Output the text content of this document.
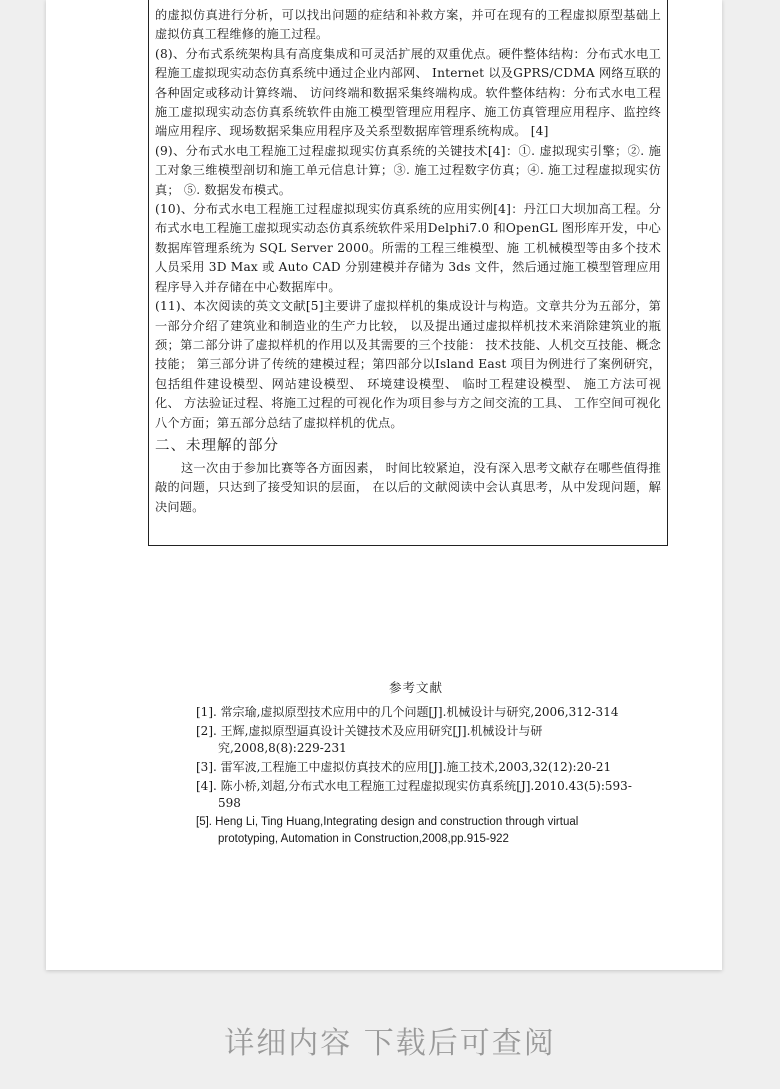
的虚拟仿真进行分析，可以找出问题的症结和补救方案，并可在现有的工程虚拟原型基础上虚拟仿真工程维修的施工过程。

(8)、分布式系统架构具有高度集成和可灵活扩展的双重优点。硬件整体结构：分布式水电工程施工虚拟现实动态仿真系统中通过企业内部网、 Internet 以及GPRS/CDMA 网络互联的各种固定或移动计算终端、 访问终端和数据采集终端构成。软件整体结构：分布式水电工程施工虚拟现实动态仿真系统软件由施工模型管理应用程序、施工仿真管理应用程序、监控终端应用程序、现场数据采集应用程序及关系型数据库管理系统构成。 [4]

(9)、分布式水电工程施工过程虚拟现实仿真系统的关键技术[4]：①. 虚拟现实引擎；②. 施工对象三维模型剖切和施工单元信息计算；③. 施工过程数字仿真；④. 施工过程虚拟现实仿真； ⑤. 数据发布模式。

(10)、分布式水电工程施工过程虚拟现实仿真系统的应用实例[4]：丹江口大坝加高工程。分布式水电工程施工虚拟现实动态仿真系统软件采用Delphi7.0 和OpenGL 图形库开发，中心数据库管理系统为 SQL Server 2000。所需的工程三维模型、施 工机械模型等由多个技术人员采用 3D Max 或 Auto CAD 分别建模并存储为 3ds 文件，然后通过施工模型管理应用程序导入并存储在中心数据库中。

(11)、本次阅读的英文文献[5]主要讲了虚拟样机的集成设计与构造。文章共分为五部分，第一部分介绍了建筑业和制造业的生产力比较， 以及提出通过虚拟样机技术来消除建筑业的瓶颈；第二部分讲了虚拟样机的作用以及其需要的三个技能： 技术技能、人机交互技能、概念技能； 第三部分讲了传统的建模过程；第四部分以Island East 项目为例进行了案例研究，包括组件建设模型、网站建设模型、 环境建设模型、 临时工程建设模型、 施工方法可视化、 方法验证过程、将施工过程的可视化作为项目参与方之间交流的工具、 工作空间可视化八个方面；第五部分总结了虚拟样机的优点。

二、未理解的部分

这一次由于参加比赛等各方面因素， 时间比较紧迫，没有深入思考文献存在哪些值得推敲的问题，只达到了接受知识的层面， 在以后的文献阅读中会认真思考，从中发现问题，解决问题。

参考文献

[1]. 常宗瑜,虚拟原型技术应用中的几个问题[J].机械设计与研究,2006,312-314

[2]. 王辉,虚拟原型逼真设计关键技术及应用研究[J].机械设计与研究,2008,8(8):229-231

[3]. 雷军波,工程施工中虚拟仿真技术的应用[J].施工技术,2003,32(12):20-21

[4]. 陈小桥,刘超,分布式水电工程施工过程虚拟现实仿真系统[J].2010.43(5):593-598

[5]. Heng Li, Ting Huang,Integrating design and construction through virtual prototyping, Automation in Construction,2008,pp.915-922

详细内容 下载后可查阅
